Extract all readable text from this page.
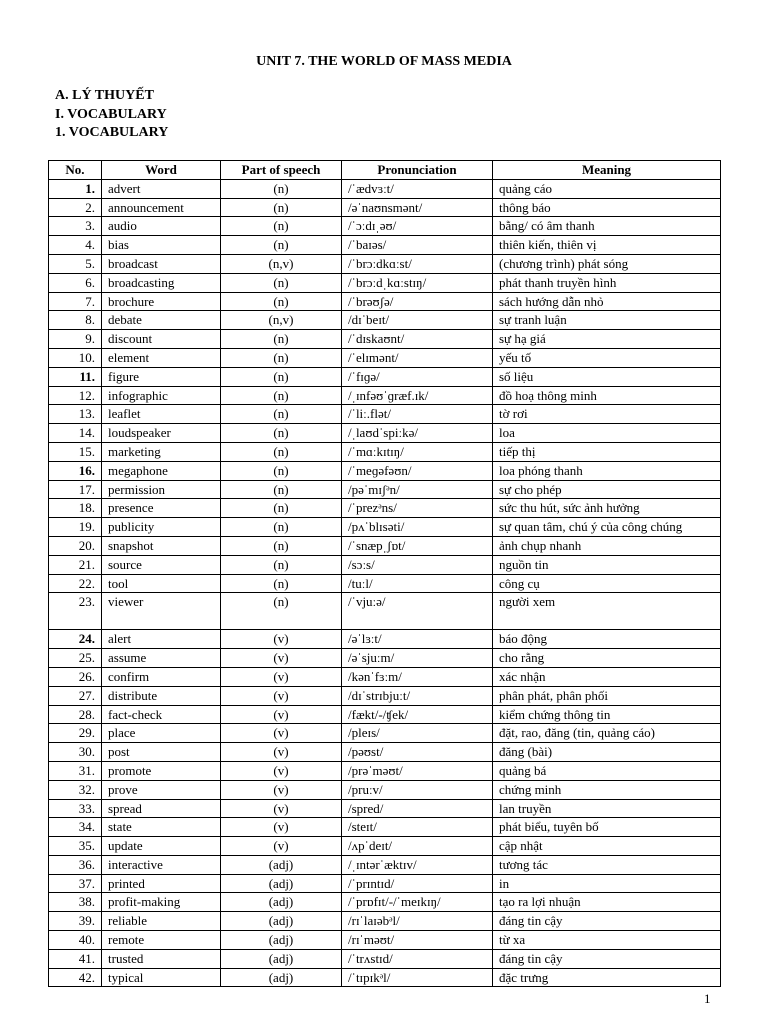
UNIT 7. THE WORLD OF MASS MEDIA
A. LÝ THUYẾT
I. VOCABULARY
1. VOCABULARY
No.	Word	Part of speech	Pronunciation	Meaning
1.	advert	(n)	/ˈædvɜːt/	quảng cáo
2.	announcement	(n)	/əˈnaʊnsmənt/	thông báo
3.	audio	(n)	/ˈɔːdɪˌəʊ/	bằng/ có âm thanh
4.	bias	(n)	/ˈbaɪəs/	thiên kiến, thiên vị
5.	broadcast	(n,v)	/ˈbrɔːdkɑːst/	(chương trình) phát sóng
6.	broadcasting	(n)	/ˈbrɔːdˌkɑːstɪŋ/	phát thanh truyền hình
7.	brochure	(n)	/ˈbrəʊʃə/	sách hướng dẫn nhỏ
8.	debate	(n,v)	/dɪˈbeɪt/	sự tranh luận
9.	discount	(n)	/ˈdɪskaʊnt/	sự hạ giá
10.	element	(n)	/ˈelɪmənt/	yếu tố
11.	figure	(n)	/ˈfɪɡə/	số liệu
12.	infographic	(n)	/ˌɪnfəʊˈɡræf.ɪk/	đồ hoạ thông minh
13.	leaflet	(n)	/ˈliː.flət/	tờ rơi
14.	loudspeaker	(n)	/ˌlaʊdˈspiːkə/	loa
15.	marketing	(n)	/ˈmɑːkɪtɪŋ/	tiếp thị
16.	megaphone	(n)	/ˈmeɡəfəʊn/	loa phóng thanh
17.	permission	(n)	/pəˈmɪʃᵊn/	sự cho phép
18.	presence	(n)	/ˈprezᵊns/	sức thu hút, sức ảnh hưởng
19.	publicity	(n)	/pʌˈblɪsəti/	sự quan tâm, chú ý của công chúng
20.	snapshot	(n)	/ˈsnæpˌʃɒt/	ảnh chụp nhanh
21.	source	(n)	/sɔːs/	nguồn tin
22.	tool	(n)	/tuːl/	công cụ
23.	viewer	(n)	/ˈvjuːə/	người xem
24.	alert	(v)	/əˈlɜːt/	báo động
25.	assume	(v)	/əˈsjuːm/	cho rằng
26.	confirm	(v)	/kənˈfɜːm/	xác nhận
27.	distribute	(v)	/dɪˈstrɪbjuːt/	phân phát, phân phối
28.	fact-check	(v)	/fækt/-/ʧek/	kiểm chứng thông tin
29.	place	(v)	/pleɪs/	đặt, rao, đăng (tin, quảng cáo)
30.	post	(v)	/pəʊst/	đăng (bài)
31.	promote	(v)	/prəˈməʊt/	quảng bá
32.	prove	(v)	/pruːv/	chứng minh
33.	spread	(v)	/spred/	lan truyền
34.	state	(v)	/steɪt/	phát biểu, tuyên bố
35.	update	(v)	/ʌpˈdeɪt/	cập nhật
36.	interactive	(adj)	/ˌɪntərˈæktɪv/	tương tác
37.	printed	(adj)	/ˈprɪntɪd/	in
38.	profit-making	(adj)	/ˈprɒfɪt/-/ˈmeɪkɪŋ/	tạo ra lợi nhuận
39.	reliable	(adj)	/rɪˈlaɪəbᵊl/	đáng tin cậy
40.	remote	(adj)	/rɪˈməʊt/	từ xa
41.	trusted	(adj)	/ˈtrʌstɪd/	đáng tin cậy
42.	typical	(adj)	/ˈtɪpɪkᵊl/	đặc trưng
1
